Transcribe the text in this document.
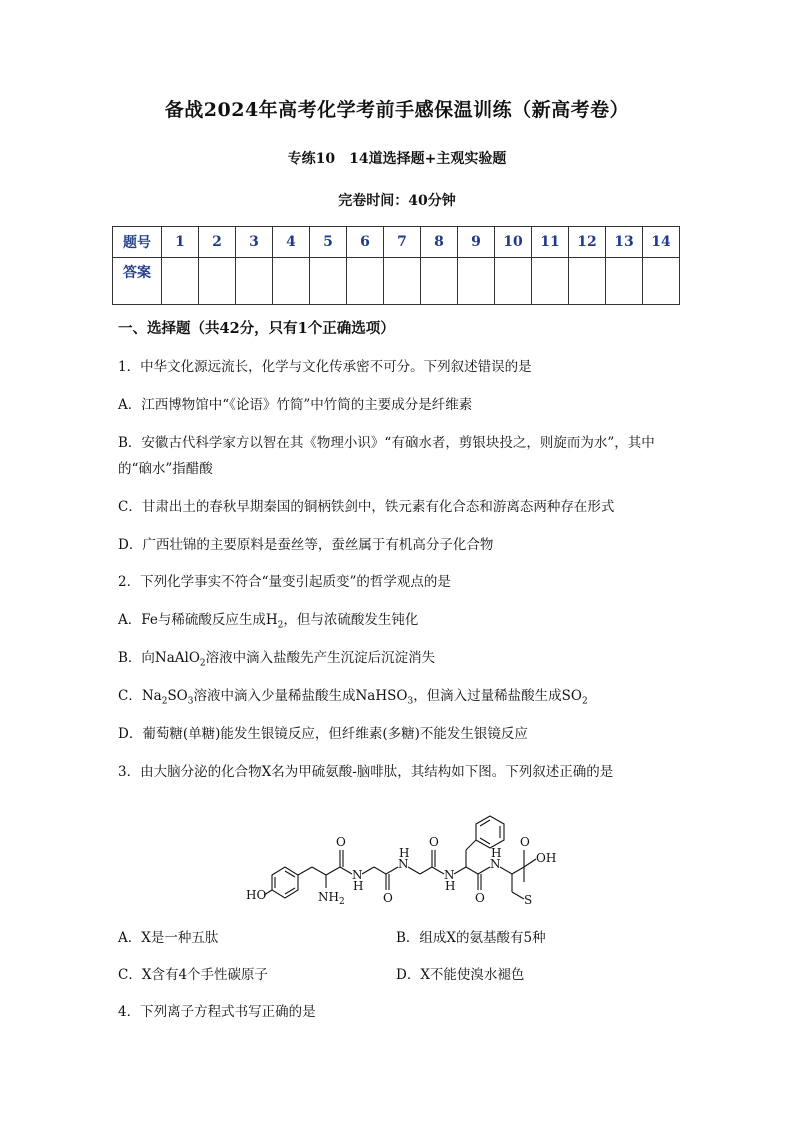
备战2024年高考化学考前手感保温训练（新高考卷）
专练10　14道选择题+主观实验题
完卷时间：40分钟
题号	1	2	3	4	5	6	7	8	9	10	11	12	13	14
答案														
一、选择题（共42分，只有1个正确选项）
1．中华文化源远流长，化学与文化传承密不可分。下列叙述错误的是
A．江西博物馆中“《论语》竹简”中竹简的主要成分是纤维素
B．安徽古代科学家方以智在其《物理小识》“有硇水者，剪银块投之，则旋而为水”，其中
的“硇水”指醋酸
C．甘肃出土的春秋早期秦国的铜柄铁剑中，铁元素有化合态和游离态两种存在形式
D．广西壮锦的主要原料是蚕丝等，蚕丝属于有机高分子化合物
2．下列化学事实不符合“量变引起质变”的哲学观点的是
A．Fe与稀硫酸反应生成$H_2$，但与浓硫酸发生钝化
B．向NaAlO$_2$溶液中滴入盐酸先产生沉淀后沉淀消失
C．$Na_2SO_3$溶液中滴入少量稀盐酸生成NaHSO$_3$，但滴入过量稀盐酸生成$SO_2$
D．葡萄糖(单糖)能发生银镜反应，但纤维素(多糖)不能发生银镜反应
3．由大脑分泌的化合物X名为甲硫氨酸-脑啡肽，其结构如下图。下列叙述正确的是
HO	$NH_2$
O
N
H
O
N
H
O
N
H
O
N
H
O
OH
S
A．X是一种五肽	B．组成X的氨基酸有5种
C．X含有4个手性碳原子	D．X不能使溴水褪色
4．下列离子方程式书写正确的是
